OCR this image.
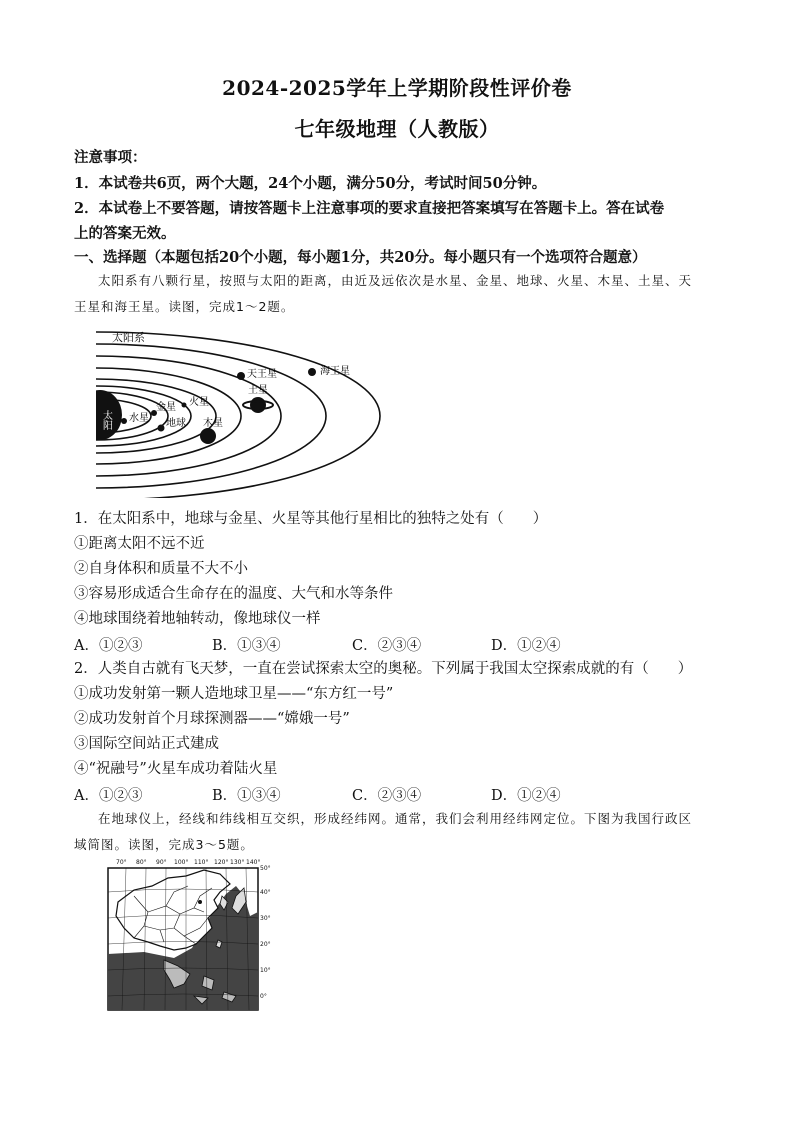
2024-2025学年上学期阶段性评价卷
七年级地理（人教版）
注意事项：
1．本试卷共6页，两个大题，24个小题，满分50分，考试时间50分钟。
2．本试卷上不要答题，请按答题卡上注意事项的要求直接把答案填写在答题卡上。答在试卷
上的答案无效。
一、选择题（本题包括20个小题，每小题1分，共20分。每小题只有一个选项符合题意）
太阳系有八颗行星，按照与太阳的距离，由近及远依次是水星、金星、地球、火星、木星、土星、天
王星和海王星。读图，完成1～2题。
太阳系
太阳 水星
金星
地球
火星
木星
土星
天王星	海王星
1．在太阳系中，地球与金星、火星等其他行星相比的独特之处有（　　）
①距离太阳不远不近
②自身体积和质量不大不小
③容易形成适合生命存在的温度、大气和水等条件
④地球围绕着地轴转动，像地球仪一样
A．①②③	B．①③④	C．②③④	D．①②④
2．人类自古就有飞天梦，一直在尝试探索太空的奥秘。下列属于我国太空探索成就的有（　　）
①成功发射第一颗人造地球卫星——“东方红一号”
②成功发射首个月球探测器——“嫦娥一号”
③国际空间站正式建成
④“祝融号”火星车成功着陆火星
A．①②③	B．①③④	C．②③④	D．①②④
在地球仪上，经线和纬线相互交织，形成经纬网。通常，我们会利用经纬网定位。下图为我国行政区
域简图。读图，完成3～5题。
70° 80° 90° 100° 110° 120° 130° 140°
50°
40°
30°
20°
10°
0°
